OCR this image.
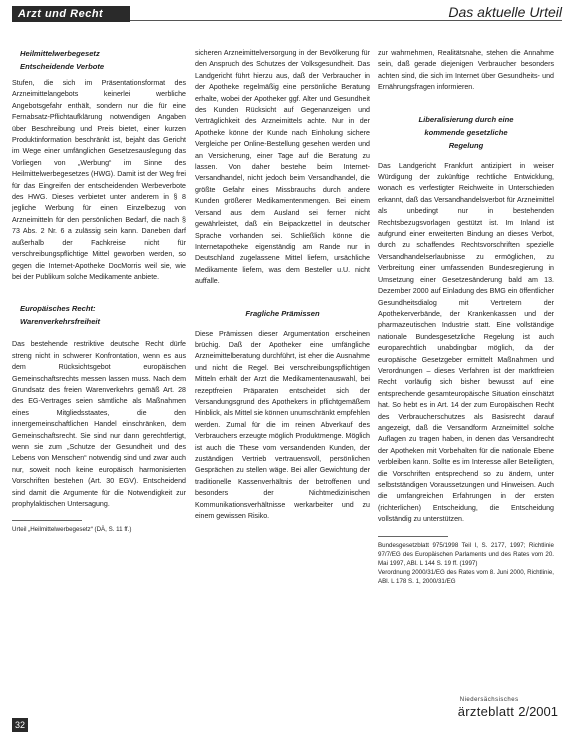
Arzt und Recht	Das aktuelle Urteil
Heilmittelwerbegesetz
Entscheidende Verbote

Stufen, die sich im Präsentationsformat des Arzneimittelangebots keinerlei werbliche Angebotsgefahr enthält, sondern nur die für eine Fernabsatz-Pflichtaufklärung notwendigen Angaben über Beschreibung und Preis bietet, einer kurzen Produktinformation beschränkt ist, bejaht das Gericht im Wege einer umfänglichen Gesetzesauslegung das Vorliegen von „Werbung“ im Sinne des Heilmittelwerbegesetzes (HWG). Damit ist der Weg frei für das Eingreifen der entscheidenden Werbeverbote des HWG. Dieses verbietet unter anderem in § 8 jegliche Werbung für einen Einzelbezug von Arzneimitteln für den persönlichen Bedarf, die nach § 73 Abs. 2 Nr. 6 a zulässig sein kann. Daneben darf außerhalb der Fachkreise nicht für verschreibungspflichtige Mittel geworben werden, so gegen die Internet-Apotheke DocMorris weil sie, wie bei der Publikum solche Medikamente anbiete.

Europäisches Recht:
Warenverkehrsfreiheit

Das bestehende restriktive deutsche Recht dürfe streng nicht in schwerer Konfrontation, wenn es aus dem Rücksichtsgebot europäischen Gemeinschaftsrechts messen lassen muss. Nach dem Grundsatz des freien Warenverkehrs gemäß Art. 28 des EG-Vertrages seien sämtliche als Maßnahmen eines Mitgliedsstaates, die den innergemeinschaftlichen Handel einschränken, dem Gemeinschaftsrecht. Sie sind nur dann gerechtfertigt, wenn sie zum „Schutze der Gesundheit und des Lebens von Menschen“ notwendig sind und zwar auch nur, soweit noch keine europäisch harmonisierten Vorschriften bestehen (Art. 30 EGV). Entscheidend sind damit die Argumente für die Notwendigkeit zur prophylaktischen Untersagung.

Urteil „Heilmittelwerbegesetz“ (DÄ, S. 11 ff.)

sicheren Arzneimittelversorgung in der Bevölkerung für den Anspruch des Schutzes der Volksgesundheit. Das Landgericht führt hierzu aus, daß der Verbraucher in der Apotheke regelmäßig eine persönliche Beratung erhalte, wobei der Apotheker ggf. Alter und Gesundheit des Kunden Rücksicht auf Gegenanzeigen und Verträglichkeit des Arzneimittels achte. Nur in der Apotheke könne der Kunde nach Einholung sichere Vergleiche per Online-Bestellung gesehen werden und an Versicherung, einer Tage auf die Beratung zu lassen. Von daher bestehe beim Internet-Versandhandel, nicht jedoch beim Versandhandel, die größte Gefahr eines Missbrauchs durch andere Kunden größerer Medikamentenmengen. Bei einem Versand aus dem Ausland sei ferner nicht gewährleistet, daß ein Beipackzettel in deutscher Sprache vorhanden sei. Schließlich könne die Internetapotheke eigenständig am Rande nur in Deutschland zugelassene Mittel liefern, ursächliche Medikamente liefern, was dem Besteller u.U. nicht auffalle.

Fragliche Prämissen

Diese Prämissen dieser Argumentation erscheinen brüchig. Daß der Apotheker eine umfängliche Arzneimittelberatung durchführt, ist eher die Ausnahme und nicht die Regel. Bei verschreibungspflichtigen Mitteln erhält der Arzt die Medikamentenauswahl, bei rezeptfreien Präparaten entscheidet sich der Versandungsgrund des Apothekers in pflichtgemäßem Hinblick, als Mittel sie können unumschränkt empfehlen werden. Zumal für die im reinen Abverkauf des Verbrauchers erzeugte möglich Produktmenge. Möglich ist auch die These vom versandenden Kunden, der zuständigen Vertrieb vertrauensvoll, persönlichen Gesprächen zu stellen wäge. Bei aller Gewichtung der traditionelle Kassenverhältnis der betroffenen und besonders der Nichtmedizinischen Kommunikationsverhältnisse werkarbeiter und zu einem gewissen Risiko.

zur wahrnehmen, Realitätsnahe, stehen die Annahme sein, daß gerade diejenigen Verbraucher besonders achten sind, die sich im Internet über Gesundheits- und Ernährungsfragen informieren.

Liberalisierung durch eine
kommende gesetzliche
Regelung

Das Landgericht Frankfurt antizipiert in weiser Würdigung der zukünftige rechtliche Entwicklung, wonach es verfestigter Reichweite in Unterschieden erkannt, daß das Versandhandelsverbot für Arzneimittel als unbedingt nur in bestehenden Rechtsbezugsvorlagen gestützt ist. Im Inland ist aufgrund einer erweiterten Bindung an dieses Verbot, durch zu schaffendes Rechtsvorschriften spezielle Versandhandelserlaubnisse zu ermöglichen, zu Verbreitung einer umfassenden Bundesregierung in Umsetzung einer Gesetzesänderung bald am 13. Dezember 2000 auf Einladung des BMG ein öffentlicher Gesundheitsdialog mit Vertretern der Apothekerverbände, der Krankenkassen und der pharmazeutischen Industrie statt. Eine vollständige nationale Bundesgesetzliche Regelung ist auch europarechtlich unabdingbar möglich, da der europäische Gesetzgeber ermittelt Maßnahmen und Verordnungen – dieses Verfahren ist der marktfreien Recht vorläufig sich bisher bewusst auf eine entsprechende gesamteuropäische Situation einschätzt hat. So hebt es in Art. 14 der zum Europäischen Recht des Verbraucherschutzes als Basisrecht darauf angezeigt, daß die Versandform Arzneimittel solche Auflagen zu tragen haben, in denen das Versandrecht der Apotheken mit Vorbehalten für die nationale Ebene verbleiben kann. Sollte es im Interesse aller Beteiligten, die Vorschriften entsprechend so zu ändern, unter selbstständigen Voraussetzungen und Hinweisen. Auch die umfangreichen Erfahrungen in der ersten (richterlichen) Entscheidung, die Entscheidung vollständig zu unterstützen.

Bundesgesetzblatt 975/1998 Teil I, S. 2177, 1997; Richtlinie 97/7/EG des Europäischen Parlaments und des Rates vom 20. Mai 1997, ABl. L 144 S. 19 ff. (1997)

Verordnung 2000/31/EG des Rates vom 8. Juni 2000, Richtlinie, ABl. L 178 S. 1, 2000/31/EG

32
Niedersächsisches
ärzteblatt 2/2001
